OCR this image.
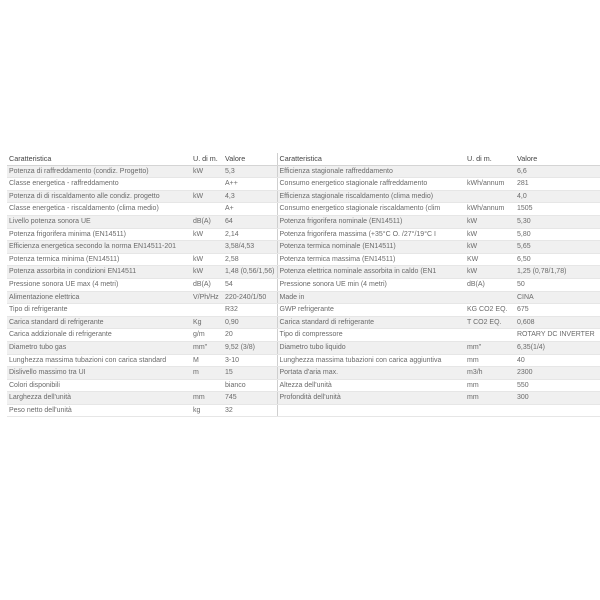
Caratteristica	U. di m.	Valore	Caratteristica	U. di m.	Valore
Potenza di raffreddamento (condiz. Progetto)	kW	5,3	Efficienza stagionale raffreddamento		6,6
Classe energetica - raffreddamento		A++	Consumo energetico stagionale raffreddamento	kWh/annum	281
Potenza di di riscaldamento alle condiz. progetto	kW	4,3	Efficienza stagionale riscaldamento (clima medio)		4,0
Classe energetica - riscaldamento (clima medio)		A+	Consumo energetico stagionale riscaldamento (clim	kWh/annum	1505
Livello potenza sonora UE	dB(A)	64	Potenza frigorifera nominale (EN14511)	kW	5,30
Potenza frigorifera minima (EN14511)	kW	2,14	Potenza frigorifera massima (+35°C O. /27°/19°C I	kW	5,80
Efficienza energetica secondo la norma EN14511-201		3,58/4,53	Potenza termica nominale (EN14511)	kW	5,65
Potenza termica minima (EN14511)	kW	2,58	Potenza termica massima (EN14511)	KW	6,50
Potenza assorbita in condizioni EN14511	kW	1,48 (0,56/1,56)	Potenza elettrica nominale assorbita in caldo (EN1	kW	1,25 (0,78/1,78)
Pressione sonora UE max (4 metri)	dB(A)	54	Pressione sonora UE min (4 metri)	dB(A)	50
Alimentazione elettrica	V/Ph/Hz	220-240/1/50	Made in		CINA
Tipo di refrigerante		R32	GWP refrigerante	KG CO2 EQ.	675
Carica standard di refrigerante	Kg	0,90	Carica standard di refrigerante	T CO2 EQ.	0,608
Carica addizionale di refrigerante	g/m	20	Tipo di compressore		ROTARY DC INVERTER
Diametro tubo gas	mm"	9,52 (3/8)	Diametro tubo liquido	mm"	6,35(1/4)
Lunghezza massima tubazioni con carica standard	M	3-10	Lunghezza massima tubazioni con carica aggiuntiva	mm	40
Dislivello massimo tra UI	m	15	Portata d'aria max.	m3/h	2300
Colori disponibili		bianco	Altezza dell'unità	mm	550
Larghezza dell'unità	mm	745	Profondità dell'unità	mm	300
Peso netto dell'unità	kg	32			
